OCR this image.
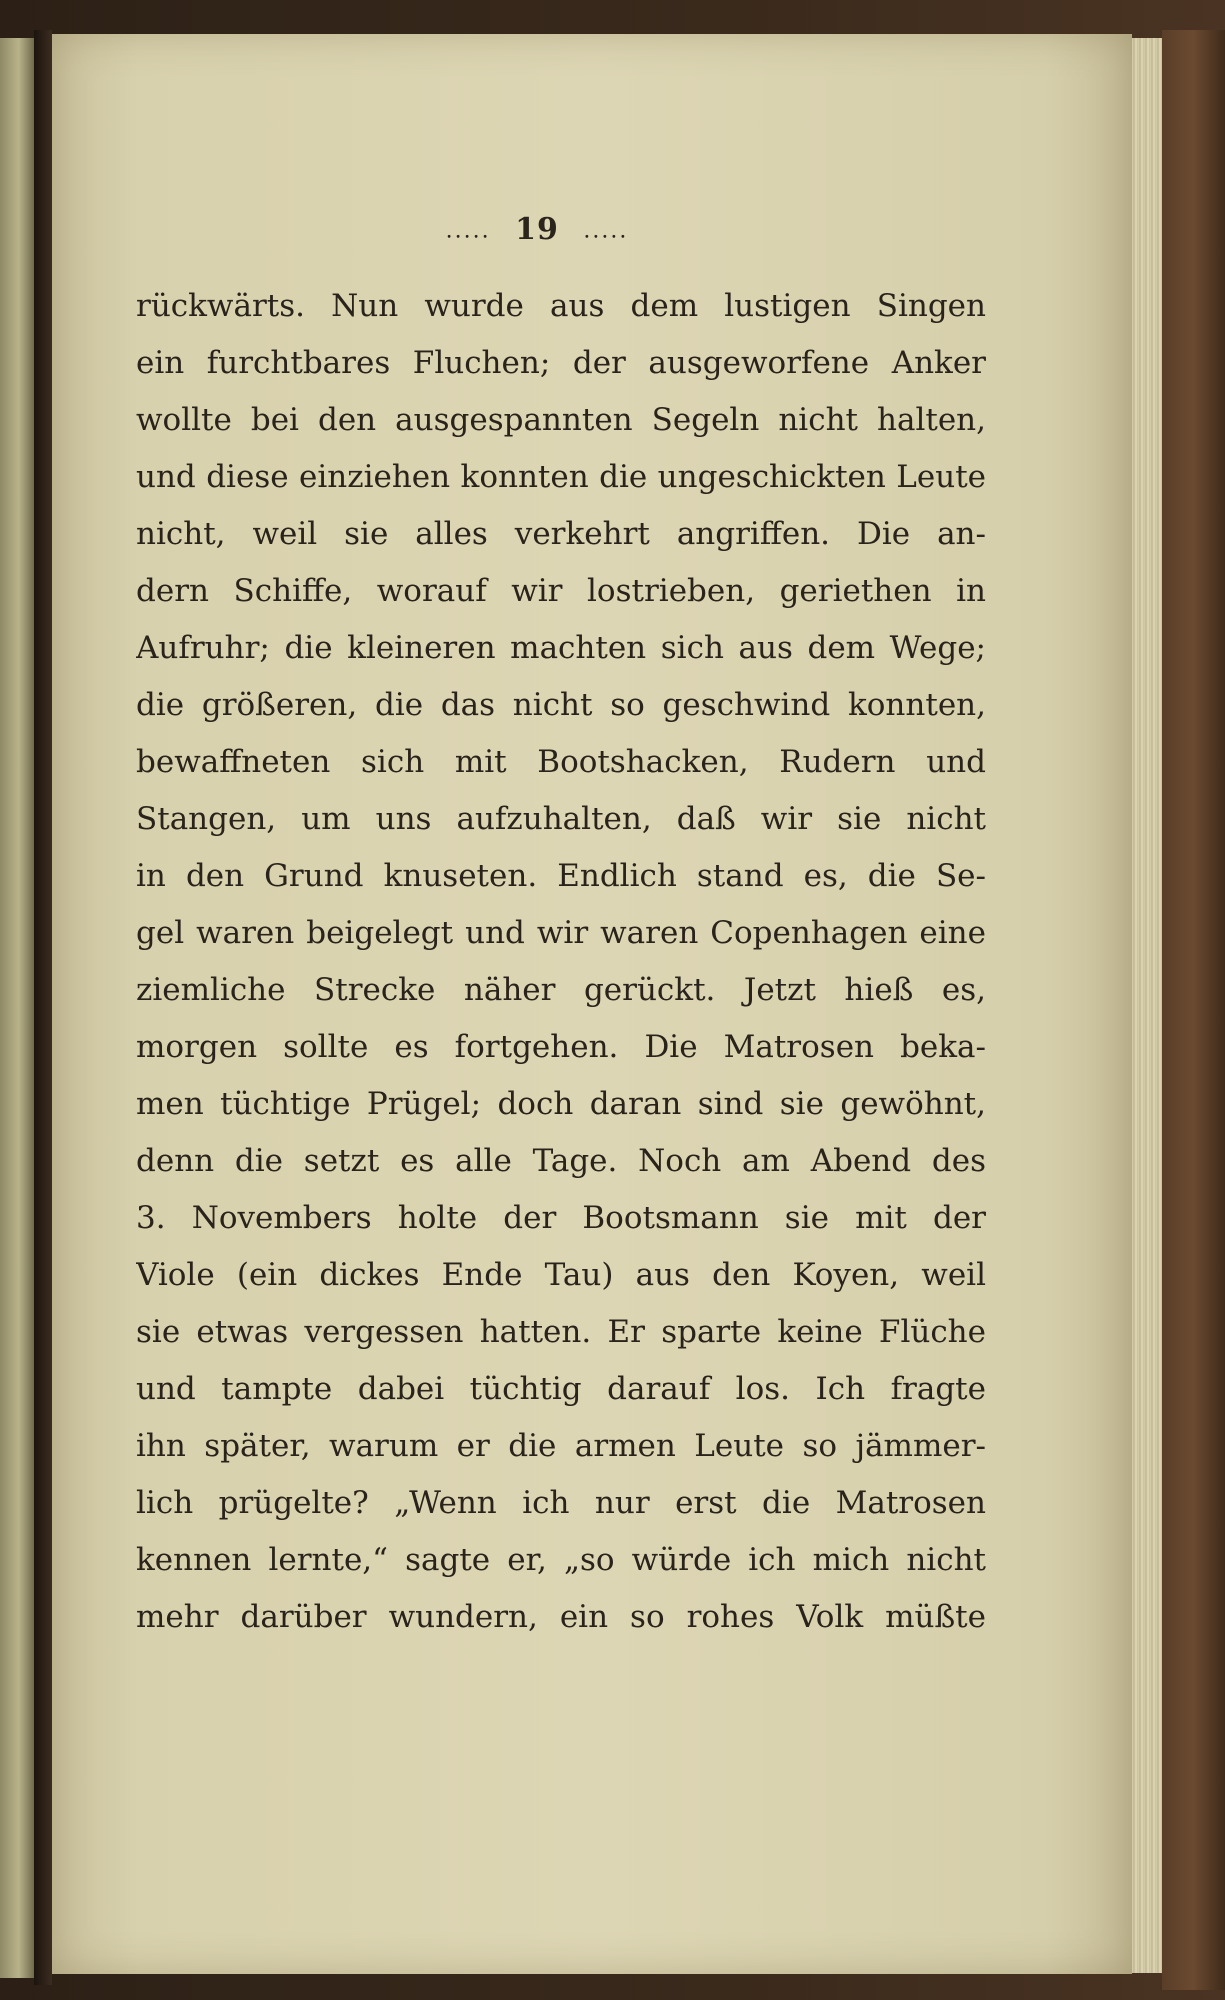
..... 19 .....
rückwärts. Nun wurde aus dem lustigen Singen
ein furchtbares Fluchen; der ausgeworfene Anker
wollte bei den ausgespannten Segeln nicht halten,
und diese einziehen konnten die ungeschickten Leute
nicht, weil sie alles verkehrt angriffen. Die an-
dern Schiffe, worauf wir lostrieben, geriethen in
Aufruhr; die kleineren machten sich aus dem Wege;
die größeren, die das nicht so geschwind konnten,
bewaffneten sich mit Bootshacken, Rudern und
Stangen, um uns aufzuhalten, daß wir sie nicht
in den Grund knuseten. Endlich stand es, die Se-
gel waren beigelegt und wir waren Copenhagen eine
ziemliche Strecke näher gerückt. Jetzt hieß es,
morgen sollte es fortgehen. Die Matrosen beka-
men tüchtige Prügel; doch daran sind sie gewöhnt,
denn die setzt es alle Tage. Noch am Abend des
3. Novembers holte der Bootsmann sie mit der
Viole (ein dickes Ende Tau) aus den Koyen, weil
sie etwas vergessen hatten. Er sparte keine Flüche
und tampte dabei tüchtig darauf los. Ich fragte
ihn später, warum er die armen Leute so jämmer-
lich prügelte? „Wenn ich nur erst die Matrosen
kennen lernte,“ sagte er, „so würde ich mich nicht
mehr darüber wundern, ein so rohes Volk müßte
